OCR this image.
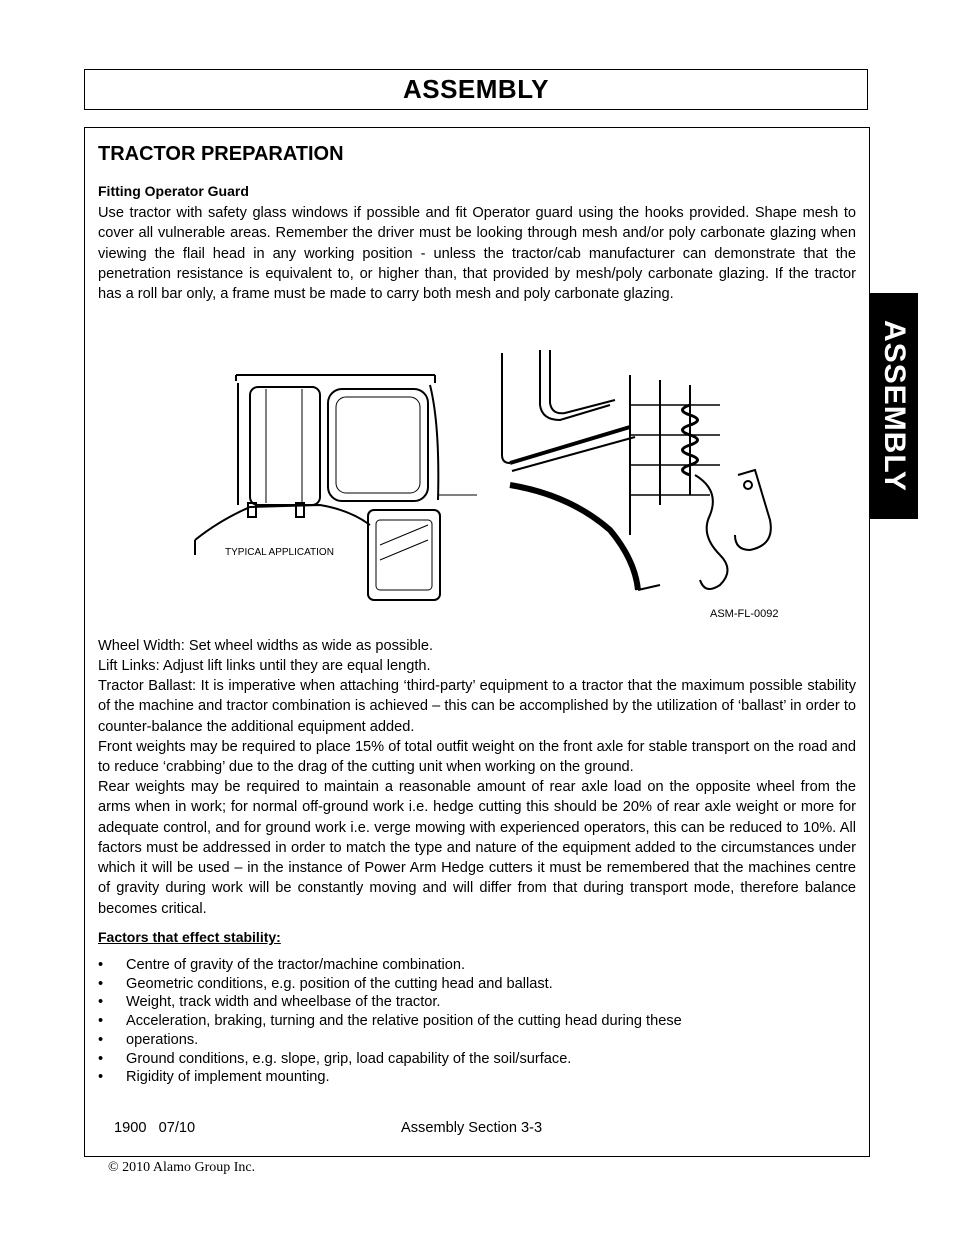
ASSEMBLY
ASSEMBLY
TRACTOR PREPARATION
Fitting Operator Guard

Use tractor with safety glass windows if possible and fit Operator guard using the hooks provided. Shape mesh to cover all vulnerable areas. Remember the driver must be looking through mesh and/or poly carbonate glazing when viewing the flail head in any working position - unless the tractor/cab manufacturer can demonstrate that the penetration resistance is equivalent to, or higher than, that provided by mesh/poly carbonate glazing. If the tractor has a roll bar only, a frame must be made to carry both mesh and poly carbonate glazing.

TYPICAL APPLICATION
ASM-FL-0092

Wheel Width: Set wheel widths as wide as possible.

Lift Links: Adjust lift links until they are equal length.

Tractor Ballast: It is imperative when attaching ‘third-party’ equipment to a tractor that the maximum possible stability of the machine and tractor combination is achieved – this can be accomplished by the utilization of ‘ballast’ in order to counter-balance the additional equipment added.

Front weights may be required to place 15% of total outfit weight on the front axle for stable transport on the road and to reduce ‘crabbing’ due to the drag of the cutting unit when working on the ground.

Rear weights may be required to maintain a reasonable amount of rear axle load on the opposite wheel from the arms when in work; for normal off-ground work i.e. hedge cutting this should be 20% of rear axle weight or more for adequate control, and for ground work i.e. verge mowing with experienced operators, this can be reduced to 10%. All factors must be addressed in order to match the type and nature of the equipment added to the circumstances under which it will be used – in the instance of Power Arm Hedge cutters it must be remembered that the machines centre of gravity during work will be constantly moving and will differ from that during transport mode, therefore balance becomes critical.

Factors that effect stability:
• Centre of gravity of the tractor/machine combination.
• Geometric conditions, e.g. position of the cutting head and ballast.
• Weight, track width and wheelbase of the tractor.
• Acceleration, braking, turning and the relative position of the cutting head during these
• operations.
• Ground conditions, e.g. slope, grip, load capability of the soil/surface.
• Rigidity of implement mounting.
1900   07/10	Assembly Section 3-3
© 2010 Alamo Group Inc.
